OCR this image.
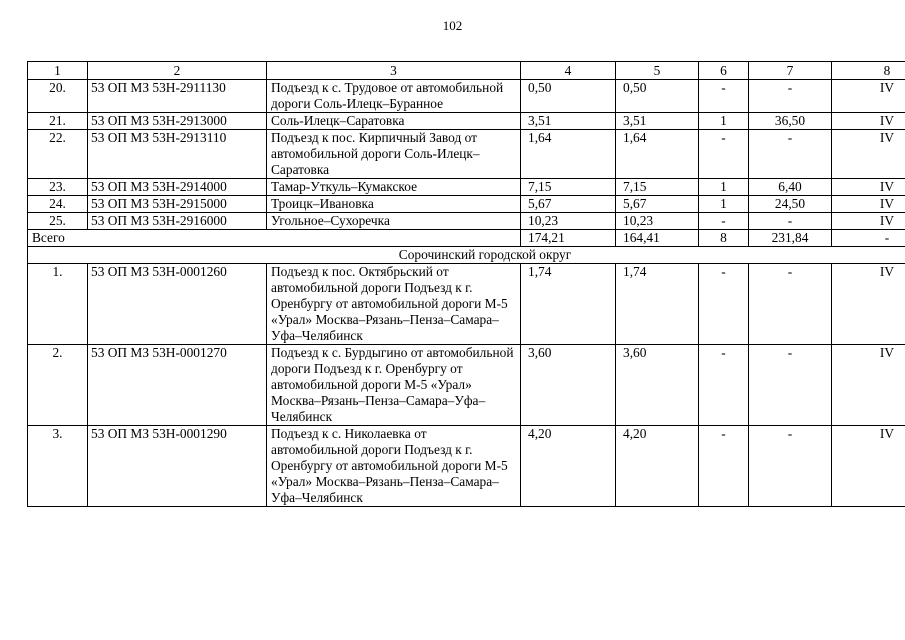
102
1	2	3	4	5	6	7	8
20.	53 ОП МЗ 53Н-2911130	Подъезд к с. Трудовое от автомобильной дороги Соль-Илецк–Буранное	0,50	0,50	-	-	IV
21.	53 ОП МЗ 53Н-2913000	Соль-Илецк–Саратовка	3,51	3,51	1	36,50	IV
22.	53 ОП МЗ 53Н-2913110	Подъезд к пос. Кирпичный Завод от автомобильной дороги Соль-Илецк–Саратовка	1,64	1,64	-	-	IV
23.	53 ОП МЗ 53Н-2914000	Тамар-Уткуль–Кумакское	7,15	7,15	1	6,40	IV
24.	53 ОП МЗ 53Н-2915000	Троицк–Ивановка	5,67	5,67	1	24,50	IV
25.	53 ОП МЗ 53Н-2916000	Угольное–Сухоречка	10,23	10,23	-	-	IV
Всего			174,21	164,41	8	231,84	-
Сорочинский городской округ							
1.	53 ОП МЗ 53Н-0001260	Подъезд к пос. Октябрьский от автомобильной дороги Подъезд к г. Оренбургу от автомобильной дороги М-5 «Урал» Москва–Рязань–Пенза–Самара–Уфа–Челябинск	1,74	1,74	-	-	IV
2.	53 ОП МЗ 53Н-0001270	Подъезд к с. Бурдыгино от автомобильной дороги Подъезд к г. Оренбургу от автомобильной дороги М-5 «Урал» Москва–Рязань–Пенза–Самара–Уфа–Челябинск	3,60	3,60	-	-	IV
3.	53 ОП МЗ 53Н-0001290	Подъезд к с. Николаевка от автомобильной дороги Подъезд к г. Оренбургу от автомобильной дороги М-5 «Урал» Москва–Рязань–Пенза–Самара–Уфа–Челябинск	4,20	4,20	-	-	IV
